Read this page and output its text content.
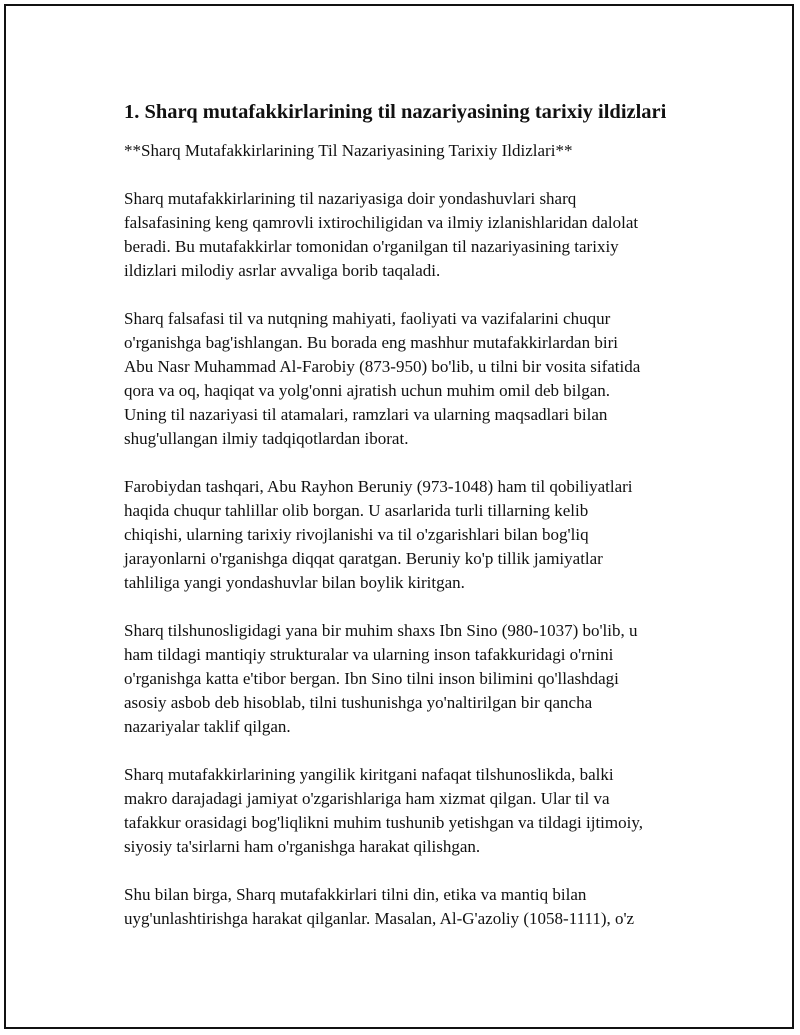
1. Sharq mutafakkirlarining til nazariyasining tarixiy ildizlari

**Sharq Mutafakkirlarining Til Nazariyasining Tarixiy Ildizlari**

Sharq mutafakkirlarining til nazariyasiga doir yondashuvlari sharq
falsafasining keng qamrovli ixtirochiligidan va ilmiy izlanishlaridan dalolat
beradi. Bu mutafakkirlar tomonidan o'rganilgan til nazariyasining tarixiy
ildizlari milodiy asrlar avvaliga borib taqaladi.

Sharq falsafasi til va nutqning mahiyati, faoliyati va vazifalarini chuqur
o'rganishga bag'ishlangan. Bu borada eng mashhur mutafakkirlardan biri
Abu Nasr Muhammad Al-Farobiy (873-950) bo'lib, u tilni bir vosita sifatida
qora va oq, haqiqat va yolg'onni ajratish uchun muhim omil deb bilgan.
Uning til nazariyasi til atamalari, ramzlari va ularning maqsadlari bilan
shug'ullangan ilmiy tadqiqotlardan iborat.

Farobiydan tashqari, Abu Rayhon Beruniy (973-1048) ham til qobiliyatlari
haqida chuqur tahlillar olib borgan. U asarlarida turli tillarning kelib
chiqishi, ularning tarixiy rivojlanishi va til o'zgarishlari bilan bog'liq
jarayonlarni o'rganishga diqqat qaratgan. Beruniy ko'p tillik jamiyatlar
tahliliga yangi yondashuvlar bilan boylik kiritgan.

Sharq tilshunosligidagi yana bir muhim shaxs Ibn Sino (980-1037) bo'lib, u
ham tildagi mantiqiy strukturalar va ularning inson tafakkuridagi o'rnini
o'rganishga katta e'tibor bergan. Ibn Sino tilni inson bilimini qo'llashdagi
asosiy asbob deb hisoblab, tilni tushunishga yo'naltirilgan bir qancha
nazariyalar taklif qilgan.

Sharq mutafakkirlarining yangilik kiritgani nafaqat tilshunoslikda, balki
makro darajadagi jamiyat o'zgarishlariga ham xizmat qilgan. Ular til va
tafakkur orasidagi bog'liqlikni muhim tushunib yetishgan va tildagi ijtimoiy,
siyosiy ta'sirlarni ham o'rganishga harakat qilishgan.

Shu bilan birga, Sharq mutafakkirlari tilni din, etika va mantiq bilan
uyg'unlashtirishga harakat qilganlar. Masalan, Al-G'azoliy (1058-1111), o'z
